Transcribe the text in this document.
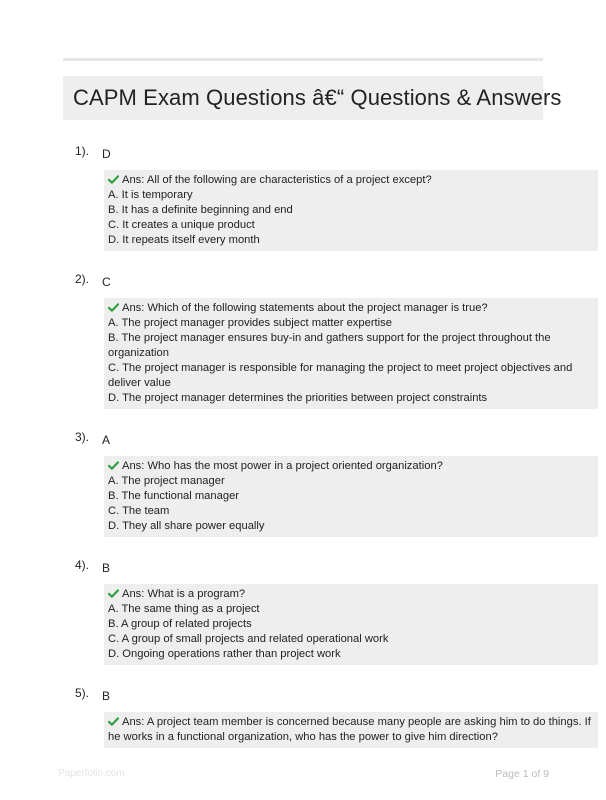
CAPM Exam Questions â€“ Questions & Answers
1). D
Ans: All of the following are characteristics of a project except?
A. It is temporary
B. It has a definite beginning and end
C. It creates a unique product
D. It repeats itself every month
2). C
Ans: Which of the following statements about the project manager is true?
A. The project manager provides subject matter expertise
B. The project manager ensures buy-in and gathers support for the project throughout the organization
C. The project manager is responsible for managing the project to meet project objectives and deliver value
D. The project manager determines the priorities between project constraints
3). A
Ans: Who has the most power in a project oriented organization?
A. The project manager
B. The functional manager
C. The team
D. They all share power equally
4). B
Ans: What is a program?
A. The same thing as a project
B. A group of related projects
C. A group of small projects and related operational work
D. Ongoing operations rather than project work
5). B
Ans: A project team member is concerned because many people are asking him to do things. If he works in a functional organization, who has the power to give him direction?
Paperfolio.com	Page 1 of 9
